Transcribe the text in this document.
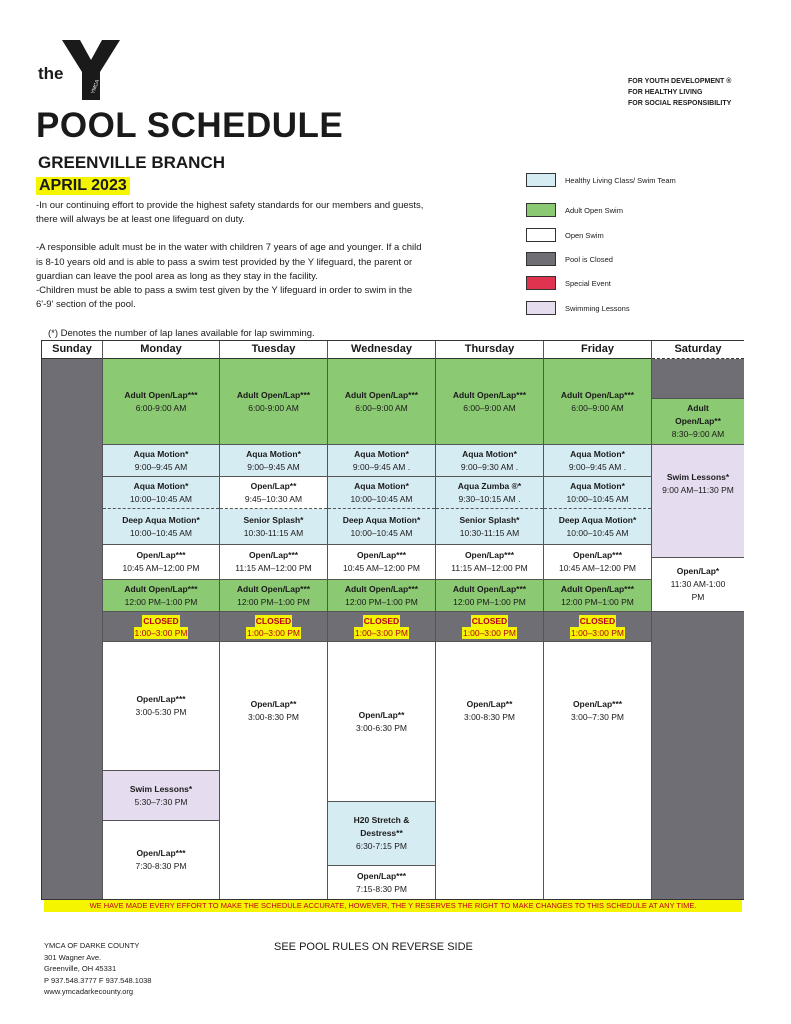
the
YMCA	FOR YOUTH DEVELOPMENT ®
FOR HEALTHY LIVING
FOR SOCIAL RESPONSIBILITY
POOL SCHEDULE
GREENVILLE BRANCH
APRIL 2023

-In our continuing effort to provide the highest safety standards for our members and guests, there will always be at least one lifeguard on duty.

-A responsible adult must be in the water with children 7 years of age and younger. If a child is 8-10 years old and is able to pass a swim test provided by the Y lifeguard, the parent or guardian can leave the pool area as long as they stay in the facility.

-Children must be able to pass a swim test given by the Y lifeguard in order to swim in the 6'-9' section of the pool.

(*) Denotes the number of lap lanes available for lap swimming.
Healthy Living Class/ Swim Team
Adult Open Swim
Open Swim
Pool is Closed
Special Event
Swimming Lessons
Sunday	Monday
Adult Open/Lap***
6:00-9:00 AM
Aqua Motion*
9:00–9:45 AM
Aqua Motion*
10:00–10:45 AM
Deep Aqua Motion*
10:00–10:45 AM
Open/Lap***
10:45 AM–12:00 PM
Adult Open/Lap***
12:00 PM–1:00 PM
CLOSED
1:00–3:00 PM
Open/Lap***
3:00-5:30 PM
Swim Lessons*
5:30–7:30 PM
Open/Lap***
7:30-8:30 PM
Tuesday
Adult Open/Lap***
6:00-9:00 AM
Aqua Motion*
9:00–9:45 AM
Open/Lap**
9:45–10:30 AM
Senior Splash*
10:30-11:15 AM
Open/Lap***
11:15 AM–12:00 PM
Adult Open/Lap***
12:00 PM–1:00 PM
CLOSED
1:00–3:00 PM
Open/Lap**
3:00-8:30 PM
Wednesday
Adult Open/Lap***
6:00–9:00 AM
Aqua Motion*
9:00–9:45 AM .
Aqua Motion*
10:00–10:45 AM
Deep Aqua Motion*
10:00–10:45 AM
Open/Lap***
10:45 AM–12:00 PM
Adult Open/Lap***
12:00 PM–1:00 PM
CLOSED
1:00–3:00 PM
Open/Lap**
3:00-6:30 PM
H20 Stretch & Destress**
6:30-7:15 PM
Open/Lap***
7:15-8:30 PM
Thursday
Adult Open/Lap***
6:00–9:00 AM
Aqua Motion*
9:00–9:30 AM .
Aqua Zumba ®*
9:30–10:15 AM .
Senior Splash*
10:30-11:15 AM
Open/Lap***
11:15 AM–12:00 PM
Adult Open/Lap***
12:00 PM–1:00 PM
CLOSED
1:00–3:00 PM
Open/Lap**
3:00-8:30 PM
Friday
Adult Open/Lap***
6:00–9:00 AM
Aqua Motion*
9:00–9:45 AM .
Aqua Motion*
10:00–10:45 AM
Deep Aqua Motion*
10:00–10:45 AM
Open/Lap***
10:45 AM–12:00 PM
Adult Open/Lap***
12:00 PM–1:00 PM
CLOSED
1:00–3:00 PM
Open/Lap***
3:00–7:30 PM
Saturday
Adult Open/Lap**
8:30–9:00 AM
Swim Lessons*
9:00 AM–11:30 PM
Open/Lap*
11:30 AM-1:00 PM
WE HAVE MADE EVERY EFFORT TO MAKE THE SCHEDULE ACCURATE, HOWEVER, THE Y RESERVES THE RIGHT TO MAKE CHANGES TO THIS SCHEDULE AT ANY TIME.
YMCA OF DARKE COUNTY
301 Wagner Ave.
Greenville, OH 45331
P 937.548.3777 F 937.548.1038
www.ymcadarkecounty.org
SEE POOL RULES ON REVERSE SIDE
